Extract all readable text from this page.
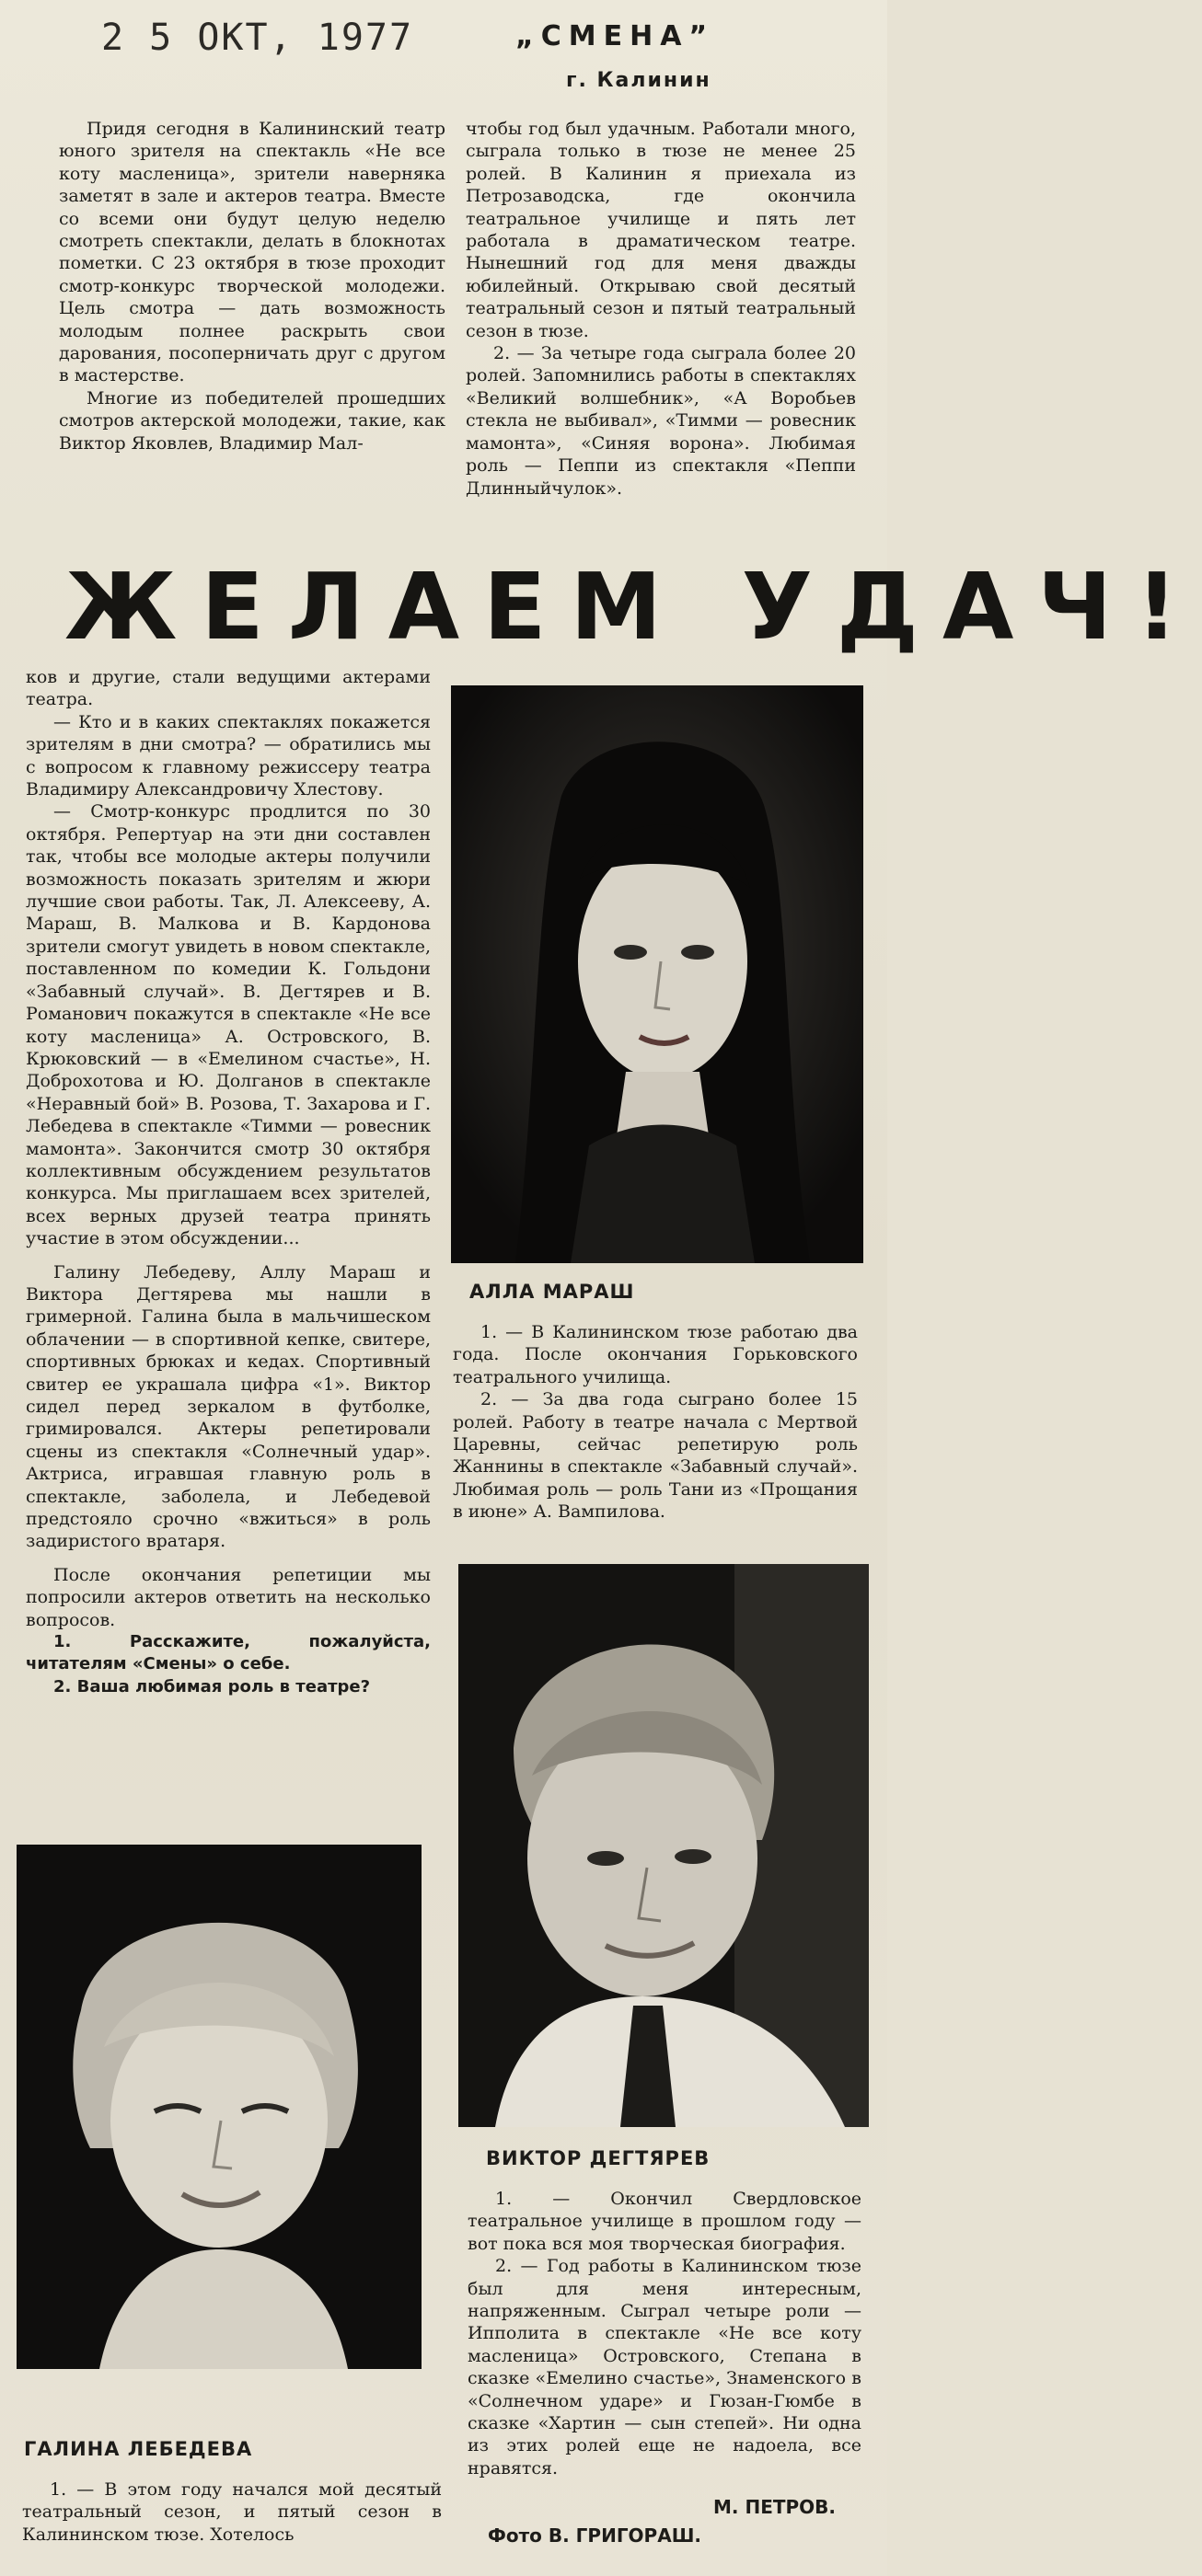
2 5 ОКТ, 1977	„СМЕНА”
г. Калинин

Придя сегодня в Калининский театр юного зрителя на спектакль «Не все коту масленица», зрители наверняка заметят в зале и актеров театра. Вместе со всеми они будут целую неделю смотреть спектакли, делать в блокнотах пометки. С 23 октября в тюзе проходит смотр-конкурс творческой молодежи. Цель смотра — дать возможность молодым полнее раскрыть свои дарования, посоперничать друг с другом в мастерстве.

Многие из победителей прошедших смотров актерской молодежи, такие, как Виктор Яковлев, Владимир Мал-

чтобы год был удачным. Работали много, сыграла только в тюзе не менее 25 ролей. В Калинин я приехала из Петрозаводска, где окончила театральное училище и пять лет работала в драматическом театре. Нынешний год для меня дважды юбилейный. Открываю свой десятый театральный сезон и пятый театральный сезон в тюзе.

2. — За четыре года сыграла более 20 ролей. Запомнились работы в спектаклях «Великий волшебник», «А Воробьев стекла не выбивал», «Тимми — ровесник мамонта», «Синяя ворона». Любимая роль — Пеппи из спектакля «Пеппи Длинныйчулок».

ЖЕЛАЕМ УДАЧ!

ков и другие, стали ведущими актерами театра.

— Кто и в каких спектаклях покажется зрителям в дни смотра? — обратились мы с вопросом к главному режиссеру театра Владимиру Александровичу Хлестову.

— Смотр-конкурс продлится по 30 октября. Репертуар на эти дни составлен так, чтобы все молодые актеры получили возможность показать зрителям и жюри лучшие свои работы. Так, Л. Алексееву, А. Мараш, В. Малкова и В. Кардонова зрители смогут увидеть в новом спектакле, поставленном по комедии К. Гольдони «Забавный случай». В. Дегтярев и В. Романович покажутся в спектакле «Не все коту масленица» А. Островского, В. Крюковский — в «Емелином счастье», Н. Доброхотова и Ю. Долганов в спектакле «Неравный бой» В. Розова, Т. Захарова и Г. Лебедева в спектакле «Тимми — ровесник мамонта». Закончится смотр 30 октября коллективным обсуждением результатов конкурса. Мы приглашаем всех зрителей, всех верных друзей театра принять участие в этом обсуждении...

Галину Лебедеву, Аллу Мараш и Виктора Дегтярева мы нашли в гримерной. Галина была в мальчишеском облачении — в спортивной кепке, свитере, спортивных брюках и кедах. Спортивный свитер ее украшала цифра «1». Виктор сидел перед зеркалом в футболке, гримировался. Актеры репетировали сцены из спектакля «Солнечный удар». Актриса, игравшая главную роль в спектакле, заболела, и Лебедевой предстояло срочно «вжиться» в роль задиристого вратаря.

После окончания репетиции мы попросили актеров ответить на несколько вопросов.

1. Расскажите, пожалуйста, читателям «Смены» о себе.

2. Ваша любимая роль в театре?

АЛЛА МАРАШ

1. — В Калининском тюзе работаю два года. После окончания Горьковского театрального училища.

2. — За два года сыграно более 15 ролей. Работу в театре начала с Мертвой Царевны, сейчас репетирую роль Жаннины в спектакле «Забавный случай». Любимая роль — роль Тани из «Прощания в июне» А. Вампилова.

ВИКТОР ДЕГТЯРЕВ

1. — Окончил Свердловское театральное училище в прошлом году — вот пока вся моя творческая биография.

2. — Год работы в Калининском тюзе был для меня интересным, напряженным. Сыграл четыре роли — Ипполита в спектакле «Не все коту масленица» Островского, Степана в сказке «Емелино счастье», Знаменского в «Солнечном ударе» и Гюзан-Гюмбе в сказке «Хартин — сын степей». Ни одна из этих ролей еще не надоела, все нравятся.

ГАЛИНА ЛЕБЕДЕВА

1. — В этом году начался мой десятый театральный сезон, и пятый сезон в Калининском тюзе. Хотелось

М. ПЕТРОВ.
Фото В. ГРИГОРАШ.
